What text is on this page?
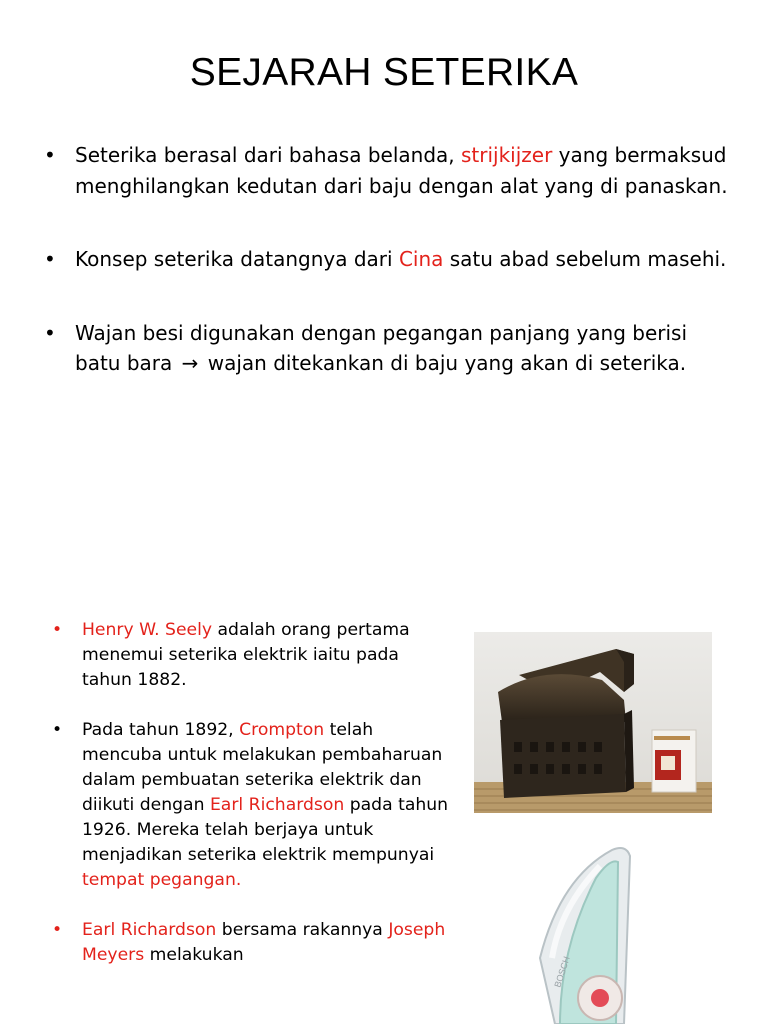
SEJARAH SETERIKA
• Seterika berasal dari bahasa belanda, strijkijzer yang bermaksud menghilangkan kedutan dari baju dengan alat yang di panaskan.
• Konsep seterika datangnya dari Cina satu abad sebelum masehi.
• Wajan besi digunakan dengan pegangan panjang yang berisi batu bara → wajan ditekankan di baju yang akan di seterika.
• Henry W. Seely adalah orang pertama menemui seterika elektrik iaitu pada tahun 1882.
• Pada tahun 1892, Crompton telah mencuba untuk melakukan pembaharuan dalam pembuatan seterika elektrik dan diikuti dengan Earl Richardson pada tahun 1926. Mereka telah berjaya untuk menjadikan seterika elektrik mempunyai tempat pegangan.
• Earl Richardson bersama rakannya Joseph Meyers melakukan
BOSCH
